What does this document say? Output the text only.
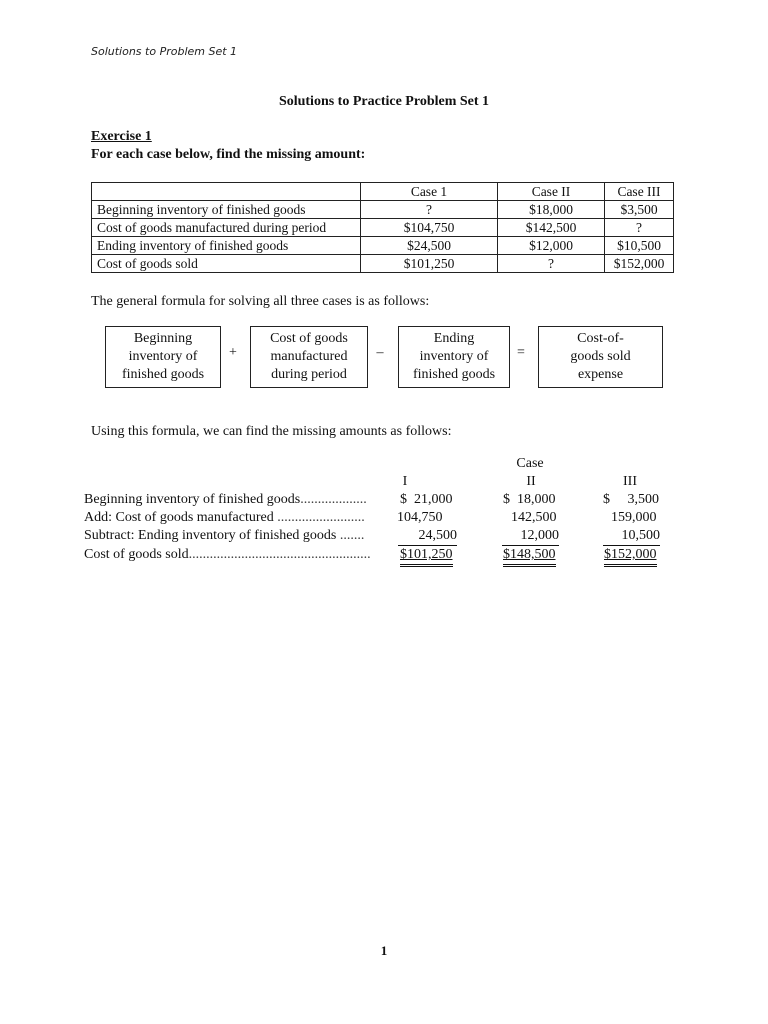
Solutions to Problem Set 1
Solutions to Practice Problem Set 1
Exercise 1
For each case below, find the missing amount:
	Case 1	Case II	Case III
Beginning inventory of finished goods	?	$18,000	$3,500
Cost of goods manufactured during period	$104,750	$142,500	?
Ending inventory of finished goods	$24,500	$12,000	$10,500
Cost of goods sold	$101,250	?	$152,000
The general formula for solving all three cases is as follows:
Beginning
inventory of
finished goods
+
Cost of goods
manufactured
during period
–
Ending
inventory of
finished goods
=
Cost-of-
goods sold
expense
Using this formula, we can find the missing amounts as follows:
Case
I	II	III
Beginning inventory of finished goods...................	$  21,000	$  18,000	$     3,500
Add: Cost of goods manufactured .........................	104,750	142,500	159,000
Subtract: Ending inventory of finished goods .......	24,500	12,000	10,500
Cost of goods sold....................................................	$101,250	$148,500	$152,000
1
